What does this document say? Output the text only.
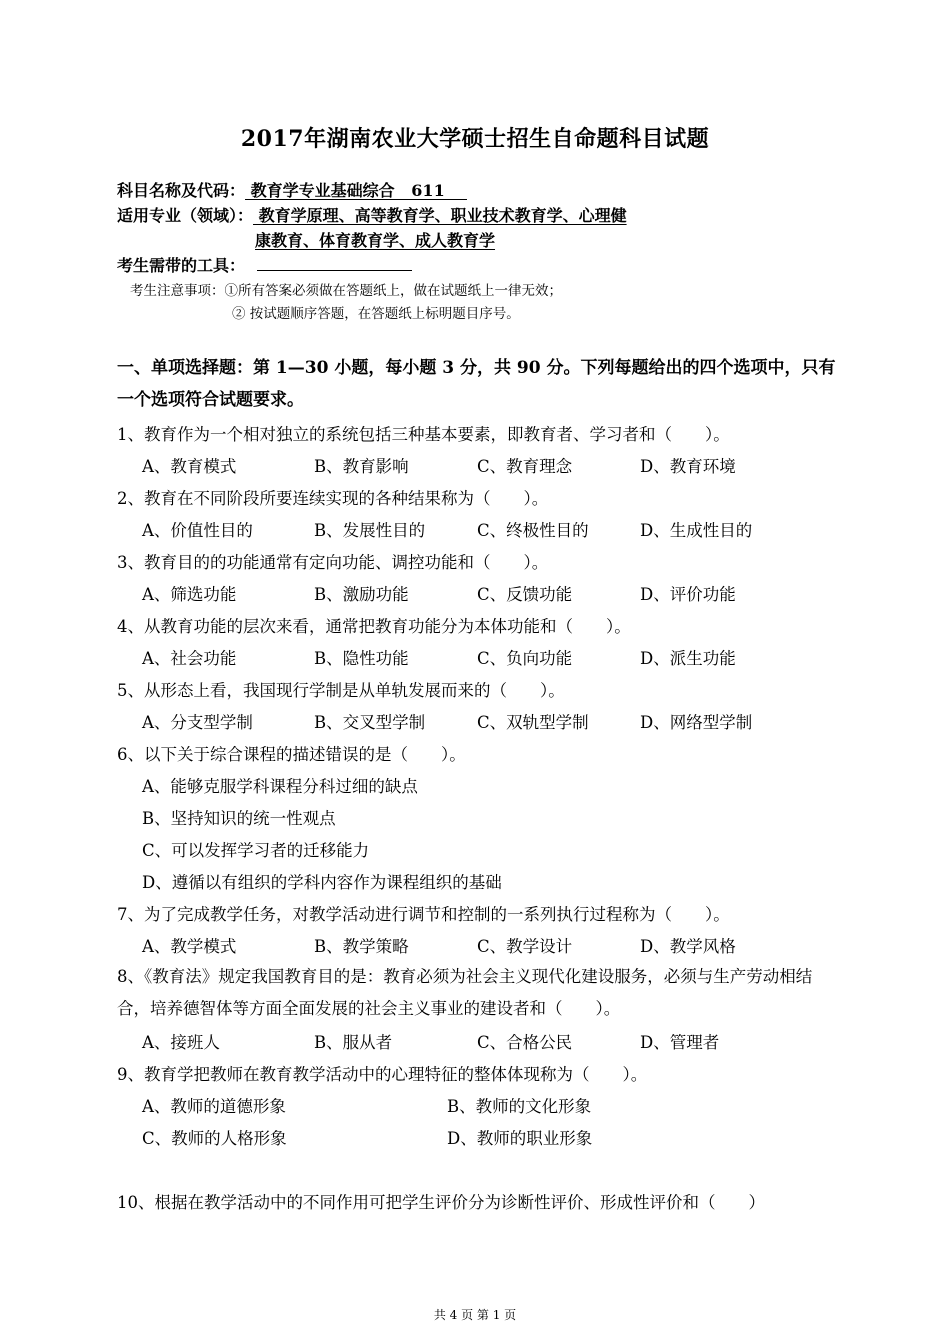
2017年湖南农业大学硕士招生自命题科目试题
科目名称及代码： 教育学专业基础综合   611
适用专业（领域）： 教育学原理、高等教育学、职业技术教育学、心理健
康教育、体育教育学、成人教育学
考生需带的工具：
考生注意事项：①所有答案必须做在答题纸上，做在试题纸上一律无效；
② 按试题顺序答题，在答题纸上标明题目序号。
一、单项选择题：第 1—30 小题，每小题 3 分，共 90 分。下列每题给出的四个选项中，只有一个选项符合试题要求。
1、教育作为一个相对独立的系统包括三种基本要素，即教育者、学习者和（　　）。
A、教育模式	B、教育影响	C、教育理念	D、教育环境
2、教育在不同阶段所要连续实现的各种结果称为（　　）。
A、价值性目的	B、发展性目的	C、终极性目的	D、生成性目的
3、教育目的的功能通常有定向功能、调控功能和（　　）。
A、筛选功能	B、激励功能	C、反馈功能	D、评价功能
4、从教育功能的层次来看，通常把教育功能分为本体功能和（　　）。
A、社会功能	B、隐性功能	C、负向功能	D、派生功能
5、从形态上看，我国现行学制是从单轨发展而来的（　　）。
A、分支型学制	B、交叉型学制	C、双轨型学制	D、网络型学制
6、以下关于综合课程的描述错误的是（　　）。
A、能够克服学科课程分科过细的缺点
B、坚持知识的统一性观点
C、可以发挥学习者的迁移能力
D、遵循以有组织的学科内容作为课程组织的基础
7、为了完成教学任务，对教学活动进行调节和控制的一系列执行过程称为（　　）。
A、教学模式	B、教学策略	C、教学设计	D、教学风格
8、《教育法》规定我国教育目的是：教育必须为社会主义现代化建设服务，必须与生产劳动相结合，培养德智体等方面全面发展的社会主义事业的建设者和（　　）。
A、接班人	B、服从者	C、合格公民	D、管理者
9、教育学把教师在教育教学活动中的心理特征的整体体现称为（　　）。
A、教师的道德形象	B、教师的文化形象
C、教师的人格形象	D、教师的职业形象
10、根据在教学活动中的不同作用可把学生评价分为诊断性评价、形成性评价和（　　）
共 4 页 第 1 页
